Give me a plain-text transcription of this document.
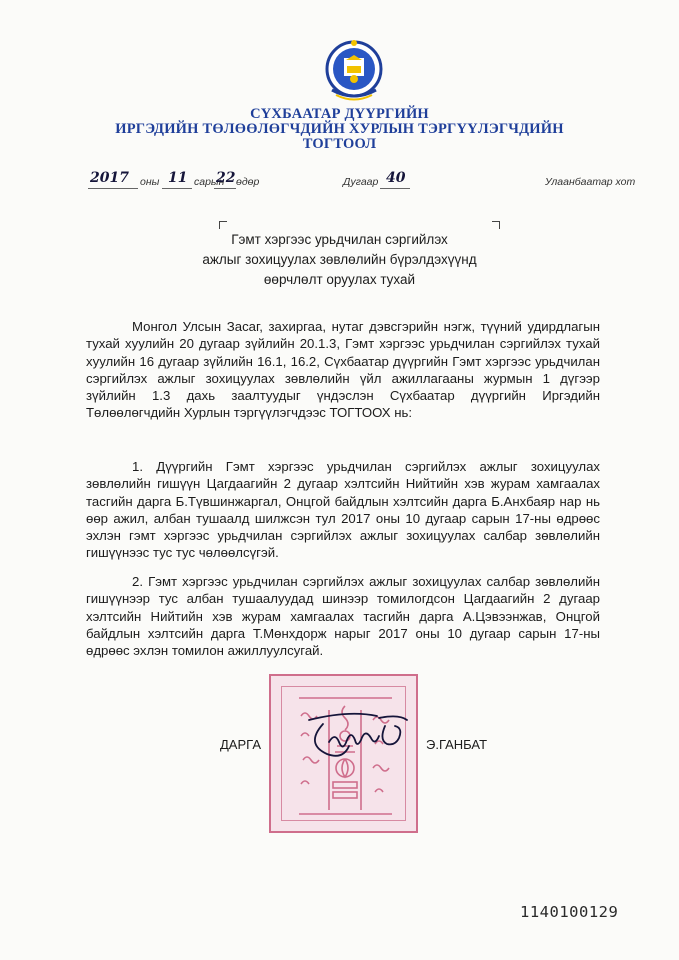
СҮХБААТАР ДҮҮРГИЙН
ИРГЭДИЙН ТӨЛӨӨЛӨГЧДИЙН ХУРЛЫН ТЭРГҮҮЛЭГЧДИЙН
ТОГТООЛ
2017 оны 11 сарын
22 өдөр	Дугаар 40	Улаанбаатар хот
Гэмт хэргээс урьдчилан сэргийлэх
ажлыг зохицуулах зөвлөлийн бүрэлдэхүүнд
өөрчлөлт оруулах тухай

Монгол Улсын Засаг, захиргаа, нутаг дэвсгэрийн нэгж, түүний удирдлагын тухай хуулийн 20 дугаар зүйлийн 20.1.3, Гэмт хэргээс урьдчилан сэргийлэх тухай хуулийн 16 дугаар зүйлийн 16.1, 16.2, Сүхбаатар дүүргийн Гэмт хэргээс урьдчилан сэргийлэх ажлыг зохицуулах зөвлөлийн үйл ажиллагааны журмын 1 дүгээр зүйлийн 1.3 дахь заалтуудыг үндэслэн Сүхбаатар дүүргийн Иргэдийн Төлөөлөгчдийн Хурлын тэргүүлэгчдээс ТОГТООХ нь:

1. Дүүргийн Гэмт хэргээс урьдчилан сэргийлэх ажлыг зохицуулах зөвлөлийн гишүүн Цагдаагийн 2 дугаар хэлтсийн Нийтийн хэв журам хамгаалах тасгийн дарга Б.Түвшинжаргал, Онцгой байдлын хэлтсийн дарга Б.Анхбаяр нар нь өөр ажил, албан тушаалд шилжсэн тул 2017 оны 10 дугаар сарын 17-ны өдрөөс эхлэн гэмт хэргээс урьдчилан сэргийлэх ажлыг зохицуулах салбар зөвлөлийн гишүүнээс тус тус чөлөөлсүгэй.

2. Гэмт хэргээс урьдчилан сэргийлэх ажлыг зохицуулах салбар зөвлөлийн гишүүнээр тус албан тушаалуудад шинээр томилогдсон Цагдаагийн 2 дугаар хэлтсийн Нийтийн хэв журам хамгаалах тасгийн дарга А.Цэвээнжав, Онцгой байдлын хэлтсийн дарга Т.Мөнхдорж нарыг 2017 оны 10 дугаар сарын 17-ны өдрөөс эхлэн томилон ажиллуулсугай.

ДАРГА	Э.ГАНБАТ
1140100129
